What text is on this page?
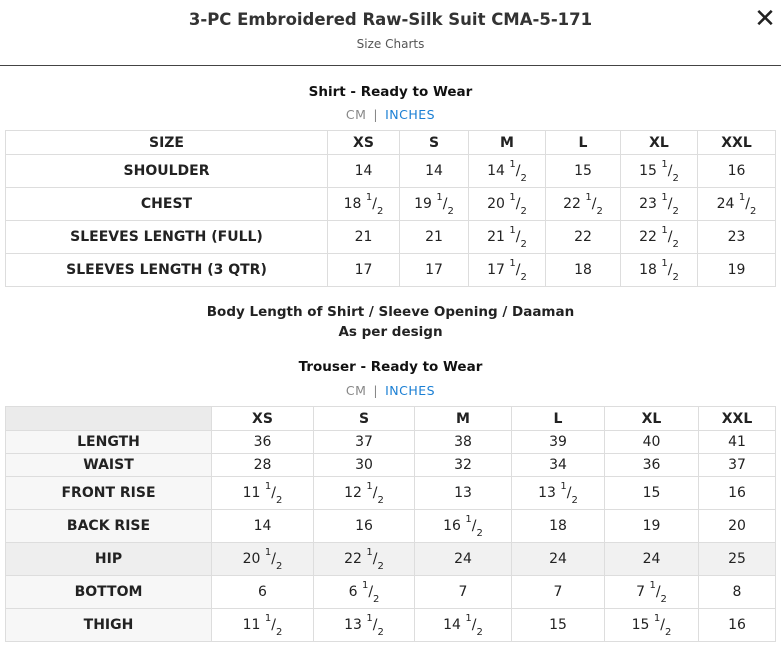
3-PC Embroidered Raw-Silk Suit CMA-5-171
Size Charts
✕
Shirt - Ready to Wear
CM | INCHES
SIZE	XS	S	M	L	XL	XXL
SHOULDER	14	14	14 $^1/_2$	15	15 $^1/_2$	16
CHEST	18 $^1/_2$	19 $^1/_2$	20 $^1/_2$	22 $^1/_2$	23 $^1/_2$	24 $^1/_2$
SLEEVES LENGTH (FULL)	21	21	21 $^1/_2$	22	22 $^1/_2$	23
SLEEVES LENGTH (3 QTR)	17	17	17 $^1/_2$	18	18 $^1/_2$	19
Body Length of Shirt / Sleeve Opening / Daaman
As per design
Trouser - Ready to Wear
CM | INCHES
	XS	S	M	L	XL	XXL
LENGTH	36	37	38	39	40	41
WAIST	28	30	32	34	36	37
FRONT RISE	11 $^1/_2$	12 $^1/_2$	13	13 $^1/_2$	15	16
BACK RISE	14	16	16 $^1/_2$	18	19	20
HIP	20 $^1/_2$	22 $^1/_2$	24	24	24	25
BOTTOM	6	6 $^1/_2$	7	7	7 $^1/_2$	8
THIGH	11 $^1/_2$	13 $^1/_2$	14 $^1/_2$	15	15 $^1/_2$	16
